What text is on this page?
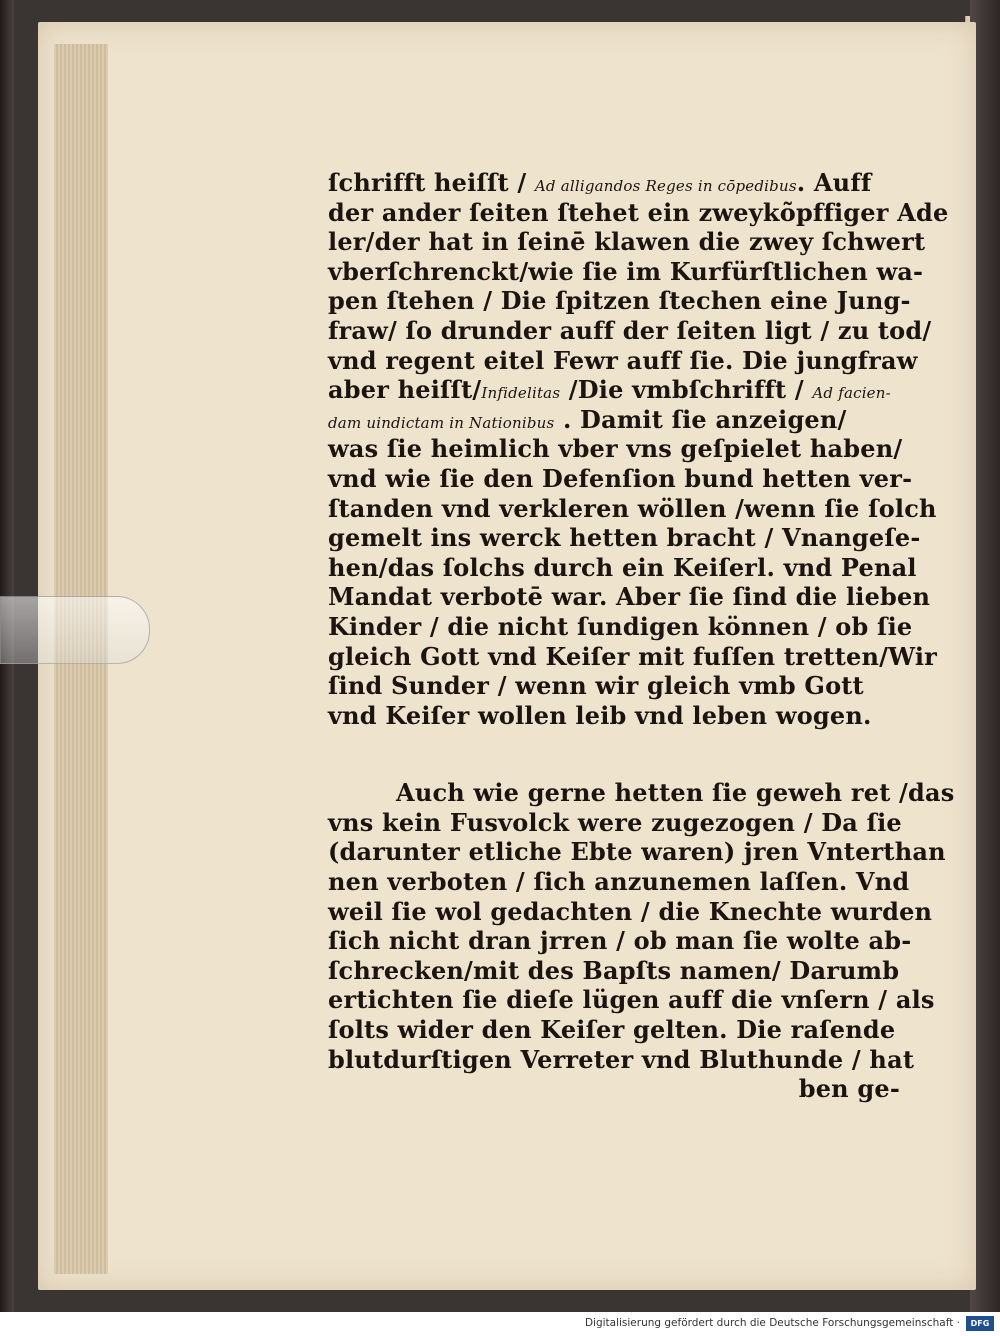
ſchrifft heiſſt / Ad alligandos Reges in cōpedibus. Auff
der ander ſeiten ſtehet ein zweykõpffiger Ade
ler/der hat in ſeinē klawen die zwey ſchwert
vberſchrenckt/wie ſie im Kurfürſtlichen wa-
pen ſtehen / Die ſpitzen ſtechen eine Jung-
fraw/ ſo drunder auff der ſeiten ligt / zu tod/
vnd regent eitel Fewr auff ſie. Die jungfraw
aber heiſſt/Infidelitas /Die vmbſchrifft / Ad facien-
dam uindictam in Nationibus . Damit ſie anzeigen/
was ſie heimlich vber vns geſpielet haben/
vnd wie ſie den Defenſion bund hetten ver-
ſtanden vnd verkleren wöllen /wenn ſie ſolch
gemelt ins werck hetten bracht / Vnangeſe-
hen/das ſolchs durch ein Keiſerl. vnd Penal
Mandat verbotē war. Aber ſie ſind die lieben
Kinder / die nicht ſundigen können / ob ſie
gleich Gott vnd Keiſer mit fuſſen tretten/Wir
ſind Sunder / wenn wir gleich vmb Gott
vnd Keiſer wollen leib vnd leben wogen.
Auch wie gerne hetten ſie geweh ret /das
vns kein Fusvolck were zugezogen / Da ſie
(darunter etliche Ebte waren) jren Vnterthan
nen verboten / ſich anzunemen laſſen. Vnd
weil ſie wol gedachten / die Knechte wurden
ſich nicht dran jrren / ob man ſie wolte ab-
ſchrecken/mit des Bapſts namen/ Darumb
ertichten ſie dieſe lügen auff die vnſern / als
ſolts wider den Keiſer gelten. Die raſende
blutdurſtigen Verreter vnd Bluthunde / hat
ben ge-
Digitalisierung gefördert durch die Deutsche Forschungsgemeinschaft ·	DFG
